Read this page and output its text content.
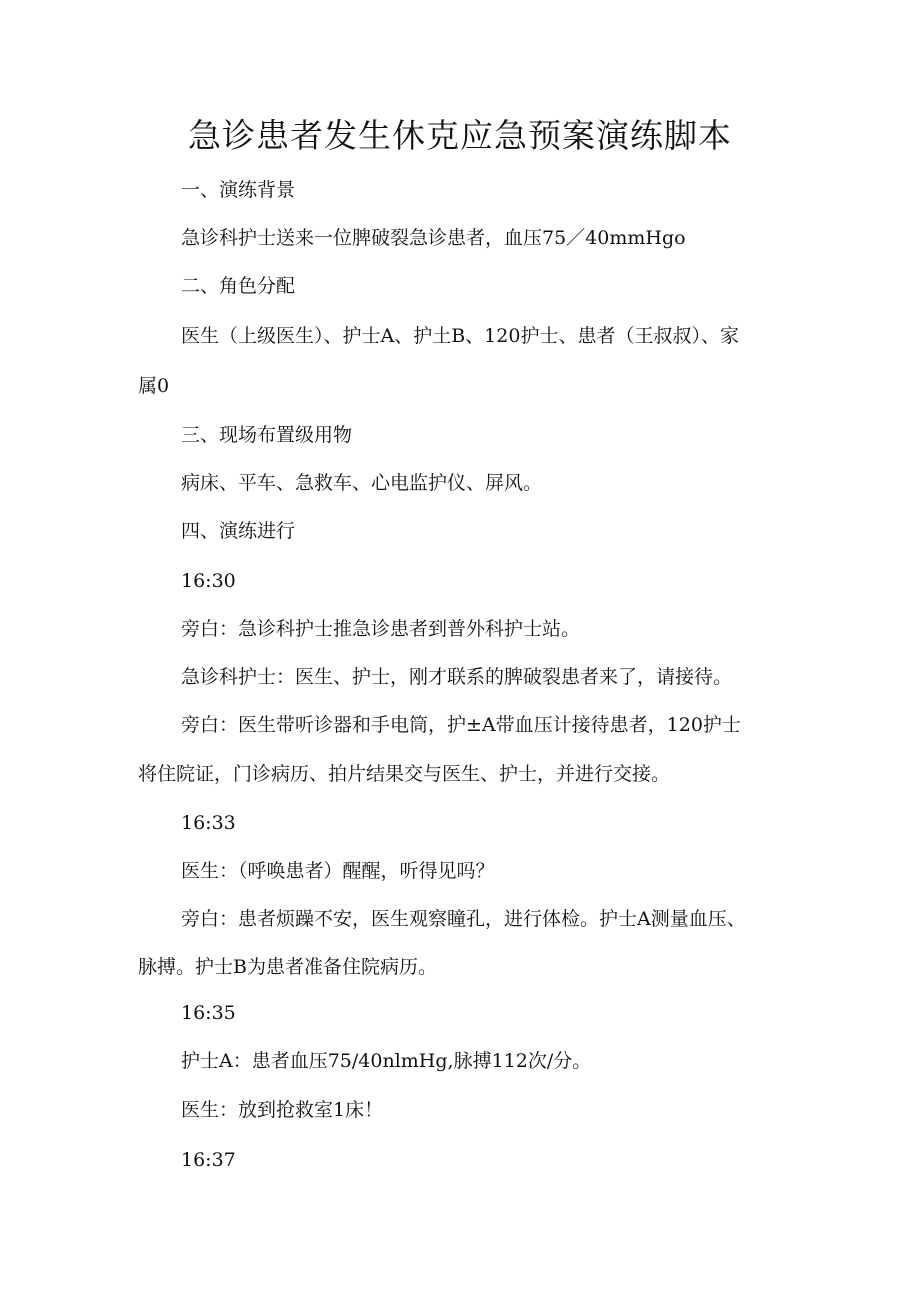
急诊患者发生休克应急预案演练脚本
一、演练背景
急诊科护士送来一位脾破裂急诊患者，血压75／40mmHgo
二、角色分配
医生（上级医生）、护士A、护土B、120护士、患者（王叔叔）、家
属0
三、现场布置级用物
病床、平车、急救车、心电监护仪、屏风。
四、演练进行
16:30
旁白：急诊科护士推急诊患者到普外科护士站。
急诊科护士：医生、护士，刚才联系的脾破裂患者来了，请接待。
旁白：医生带听诊器和手电筒，护±A带血压计接待患者，120护士
将住院证，门诊病历、拍片结果交与医生、护士，并进行交接。
16:33
医生：（呼唤患者）醒醒，听得见吗？
旁白：患者烦躁不安，医生观察瞳孔，进行体检。护士A测量血压、
脉搏。护士B为患者准备住院病历。
16:35
护士A：患者血压75/40nlmHg,脉搏112次/分。
医生：放到抢救室1床！
16:37
